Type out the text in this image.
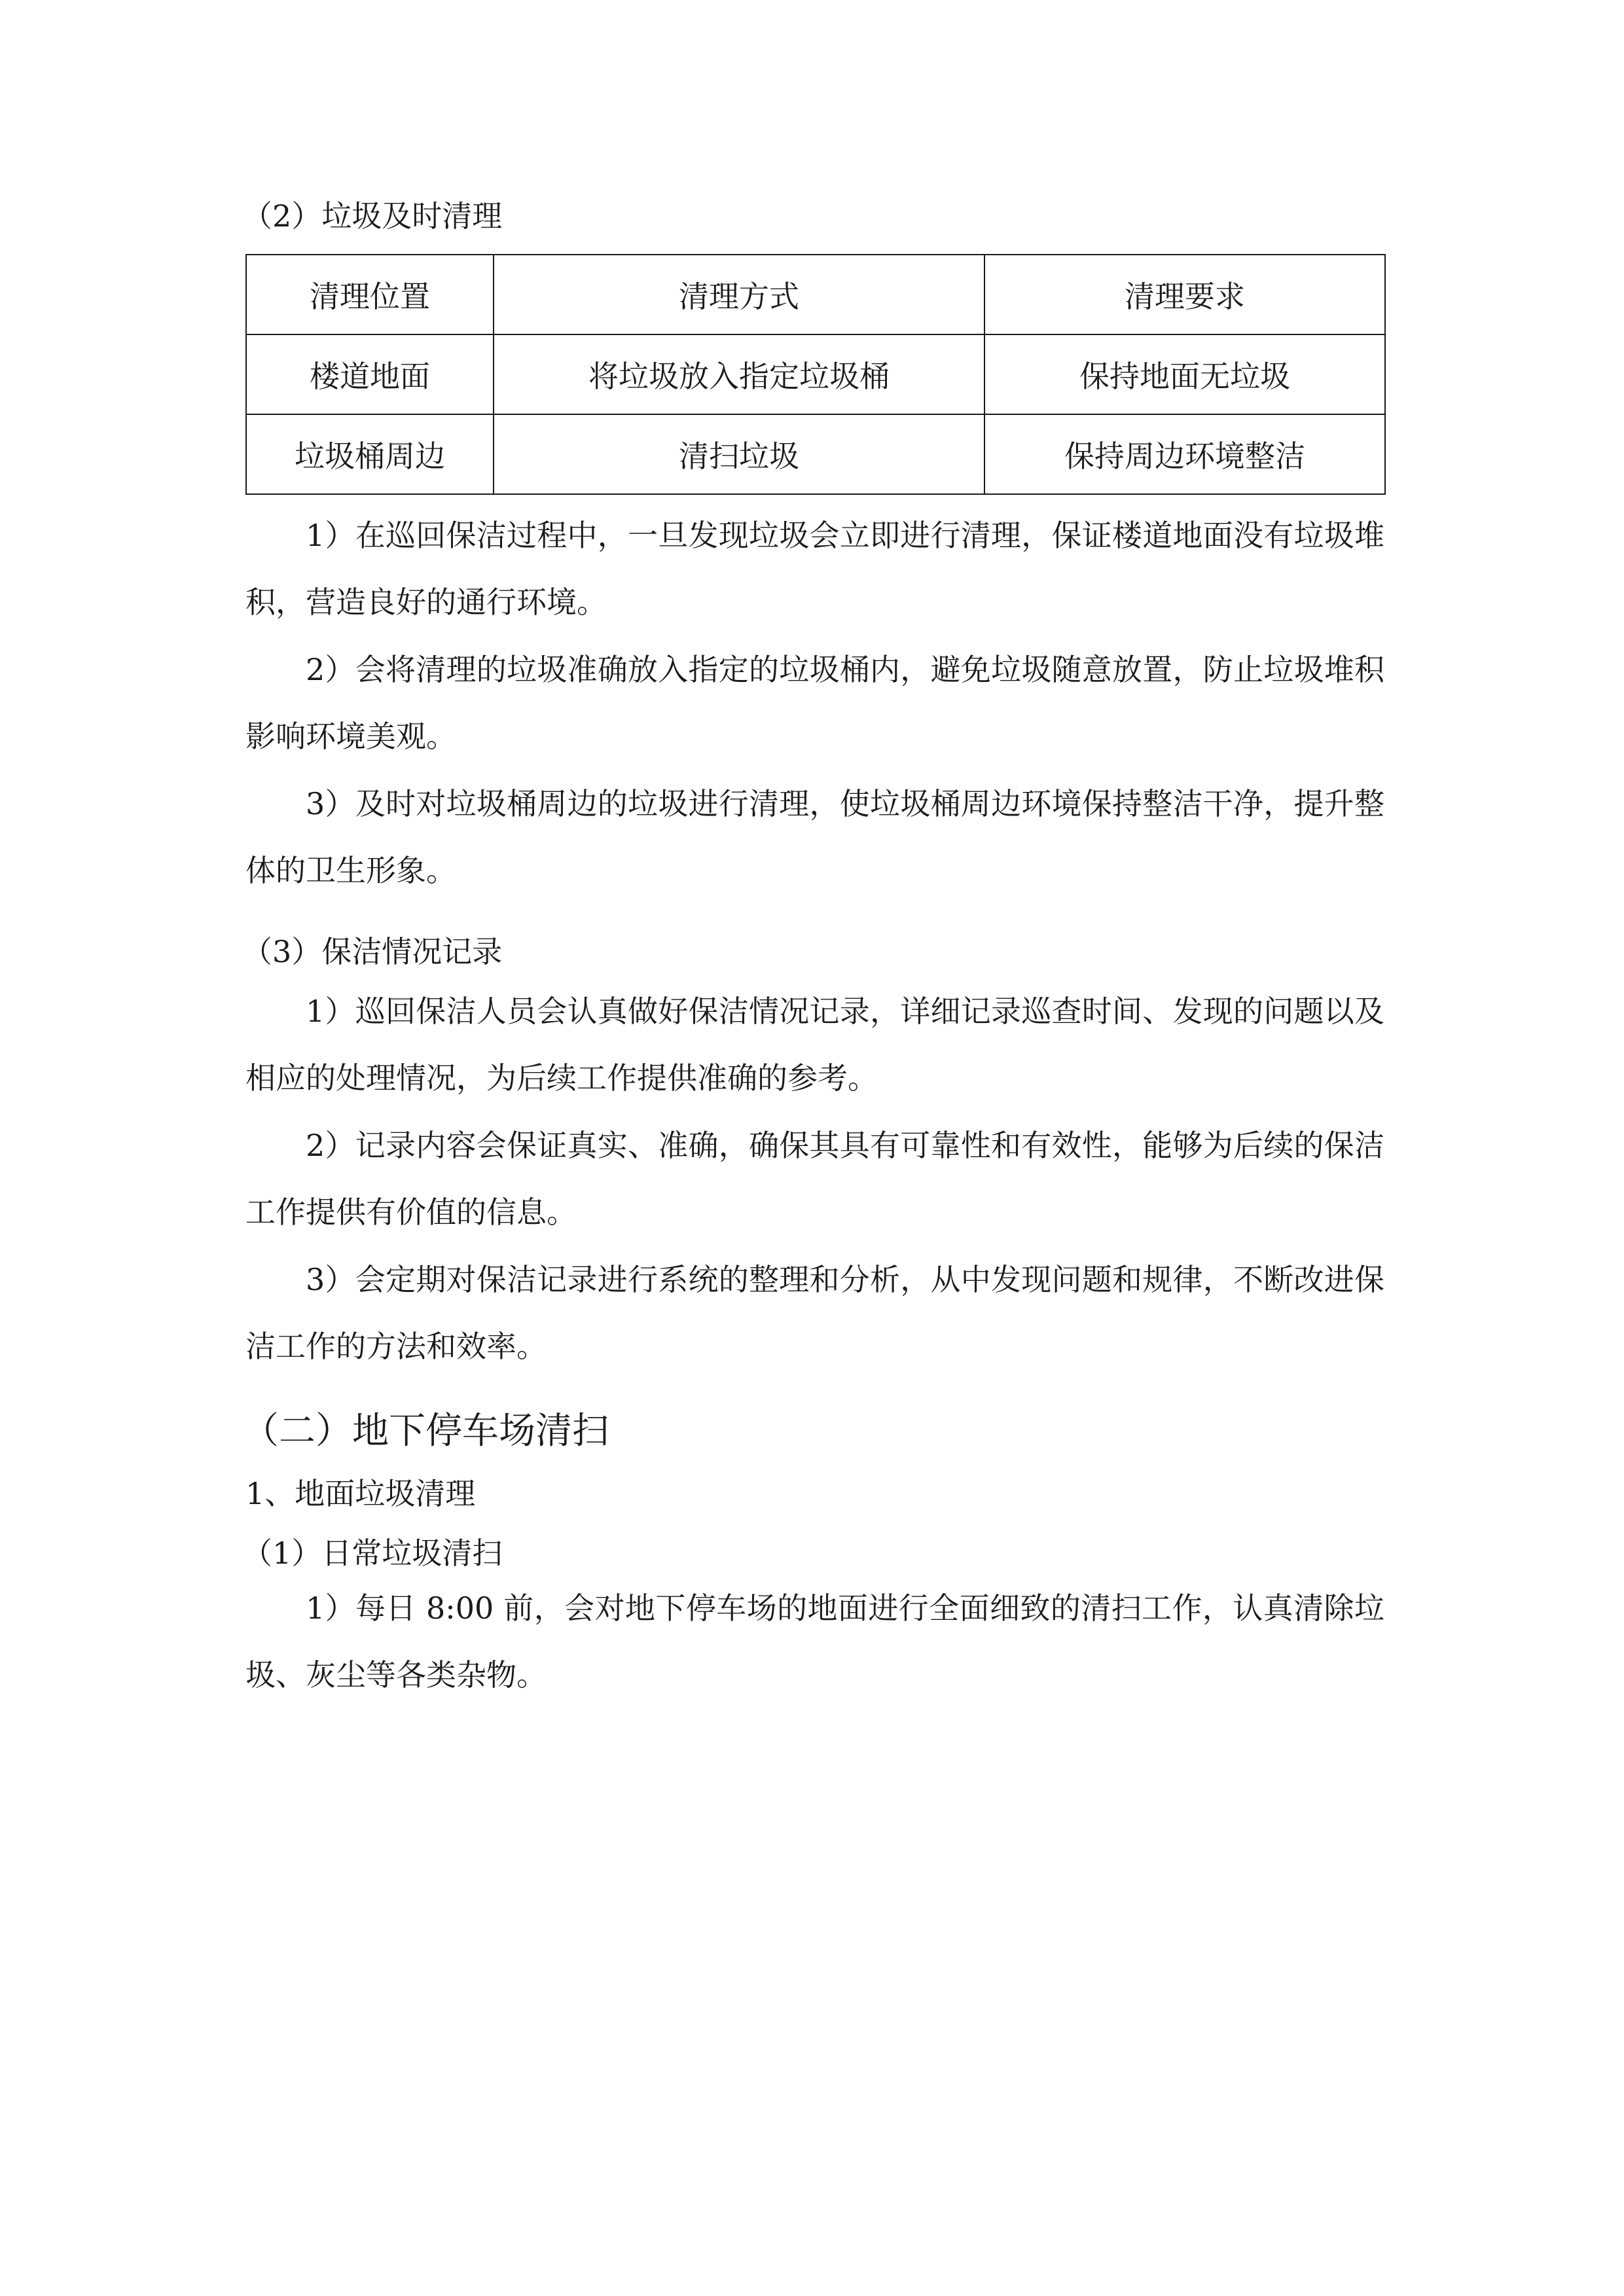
（2）垃圾及时清理

清理位置	清理方式	清理要求
楼道地面	将垃圾放入指定垃圾桶	保持地面无垃圾
垃圾桶周边	清扫垃圾	保持周边环境整洁

1）在巡回保洁过程中，一旦发现垃圾会立即进行清理，保证楼道地面没有垃圾堆积，营造良好的通行环境。

2）会将清理的垃圾准确放入指定的垃圾桶内，避免垃圾随意放置，防止垃圾堆积影响环境美观。

3）及时对垃圾桶周边的垃圾进行清理，使垃圾桶周边环境保持整洁干净，提升整体的卫生形象。

（3）保洁情况记录

1）巡回保洁人员会认真做好保洁情况记录，详细记录巡查时间、发现的问题以及相应的处理情况，为后续工作提供准确的参考。

2）记录内容会保证真实、准确，确保其具有可靠性和有效性，能够为后续的保洁工作提供有价值的信息。

3）会定期对保洁记录进行系统的整理和分析，从中发现问题和规律，不断改进保洁工作的方法和效率。

（二）地下停车场清扫

1、地面垃圾清理

（1）日常垃圾清扫

1）每日 8:00 前，会对地下停车场的地面进行全面细致的清扫工作，认真清除垃圾、灰尘等各类杂物。
